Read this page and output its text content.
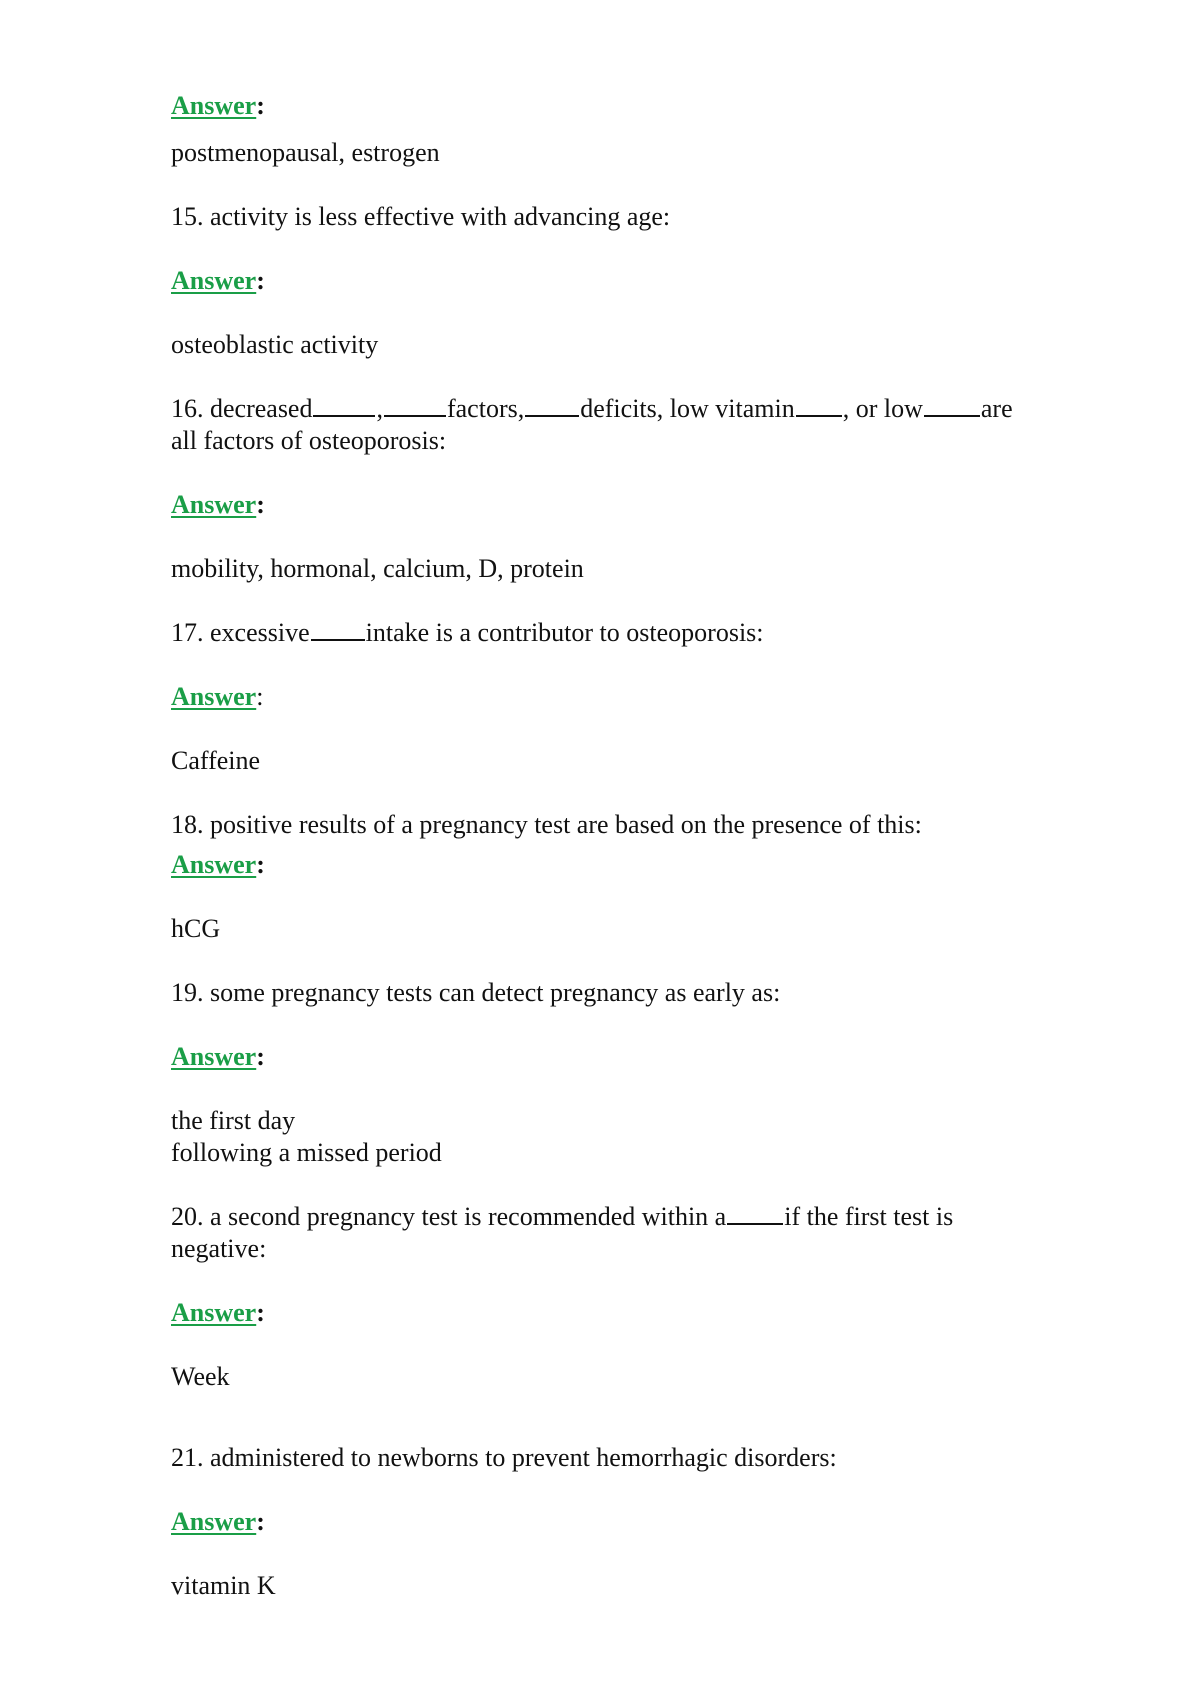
Answer:
postmenopausal, estrogen
15. activity is less effective with advancing age:
Answer:
osteoblastic activity
16. decreased , factors, deficits, low vitamin , or low are
all factors of osteoporosis:
Answer:
mobility, hormonal, calcium, D, protein
17. excessive intake is a contributor to osteoporosis:
Answer:
Caffeine
18. positive results of a pregnancy test are based on the presence of this:
Answer:
hCG
19. some pregnancy tests can detect pregnancy as early as:
Answer:
the first day
following a missed period
20. a second pregnancy test is recommended within a if the first test is
negative:
Answer:
Week
21. administered to newborns to prevent hemorrhagic disorders:
Answer:
vitamin K
